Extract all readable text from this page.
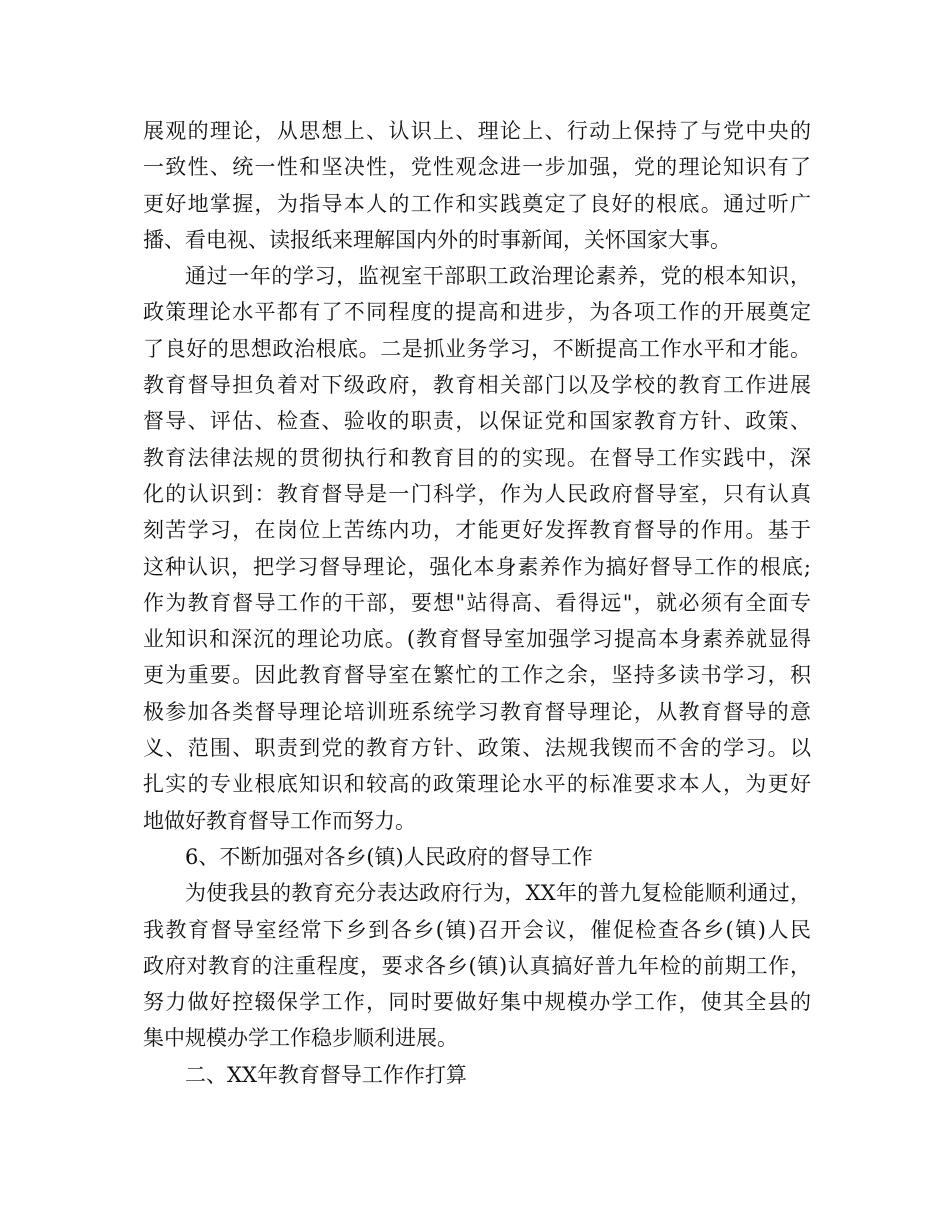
展观的理论，从思想上、认识上、理论上、行动上保持了与党中央的
一致性、统一性和坚决性，党性观念进一步加强，党的理论知识有了
更好地掌握，为指导本人的工作和实践奠定了良好的根底。通过听广
播、看电视、读报纸来理解国内外的时事新闻，关怀国家大事。
通过一年的学习，监视室干部职工政治理论素养，党的根本知识，
政策理论水平都有了不同程度的提高和进步，为各项工作的开展奠定
了良好的思想政治根底。二是抓业务学习，不断提高工作水平和才能。
教育督导担负着对下级政府，教育相关部门以及学校的教育工作进展
督导、评估、检查、验收的职责，以保证党和国家教育方针、政策、
教育法律法规的贯彻执行和教育目的的实现。在督导工作实践中，深
化的认识到：教育督导是一门科学，作为人民政府督导室，只有认真
刻苦学习，在岗位上苦练内功，才能更好发挥教育督导的作用。基于
这种认识，把学习督导理论，强化本身素养作为搞好督导工作的根底;
作为教育督导工作的干部，要想"站得高、看得远"，就必须有全面专
业知识和深沉的理论功底。(教育督导室加强学习提高本身素养就显得
更为重要。因此教育督导室在繁忙的工作之余，坚持多读书学习，积
极参加各类督导理论培训班系统学习教育督导理论，从教育督导的意
义、范围、职责到党的教育方针、政策、法规我锲而不舍的学习。以
扎实的专业根底知识和较高的政策理论水平的标准要求本人，为更好
地做好教育督导工作而努力。
6、不断加强对各乡(镇)人民政府的督导工作
为使我县的教育充分表达政府行为，XX年的普九复检能顺利通过，
我教育督导室经常下乡到各乡(镇)召开会议，催促检查各乡(镇)人民
政府对教育的注重程度，要求各乡(镇)认真搞好普九年检的前期工作，
努力做好控辍保学工作，同时要做好集中规模办学工作，使其全县的
集中规模办学工作稳步顺利进展。
二、XX年教育督导工作作打算
